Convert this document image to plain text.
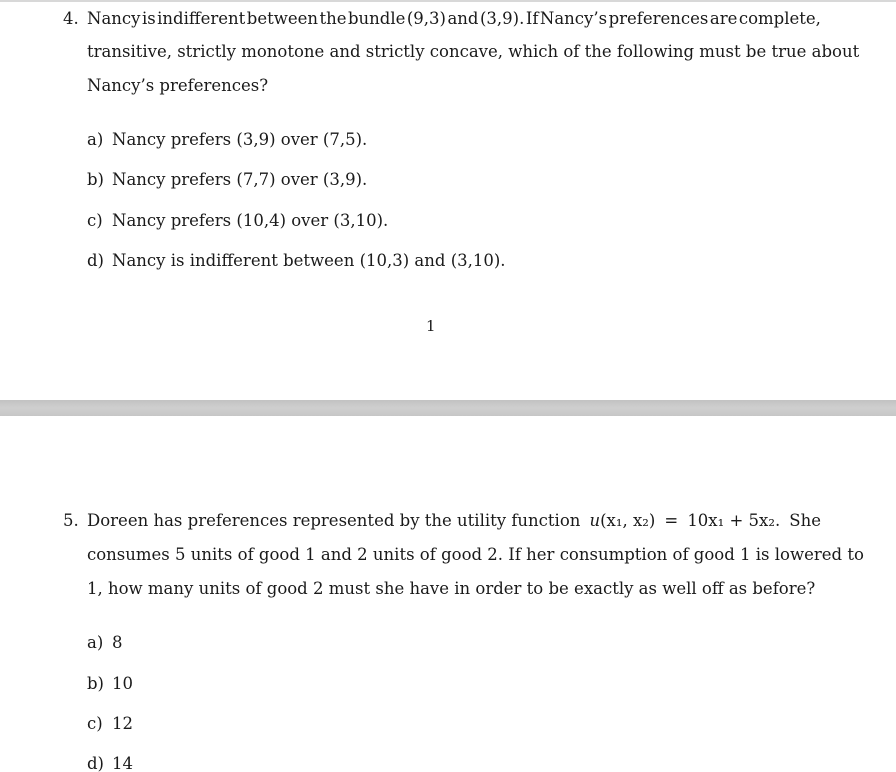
4. Nancy is indifferent between the bundle (9,3) and (3,9). If Nancy’s preferences are complete,
transitive, strictly monotone and strictly concave, which of the following must be true about
Nancy’s preferences?
a) Nancy prefers (3,9) over (7,5).
b) Nancy prefers (7,7) over (3,9).
c) Nancy prefers (10,4) over (3,10).
d) Nancy is indifferent between (10,3) and (3,10).
1
5. Doreen has preferences represented by the utility function u(x₁, x₂) = 10x₁ + 5x₂. She
consumes 5 units of good 1 and 2 units of good 2. If her consumption of good 1 is lowered to
1, how many units of good 2 must she have in order to be exactly as well off as before?
a) 8
b) 10
c) 12
d) 14
